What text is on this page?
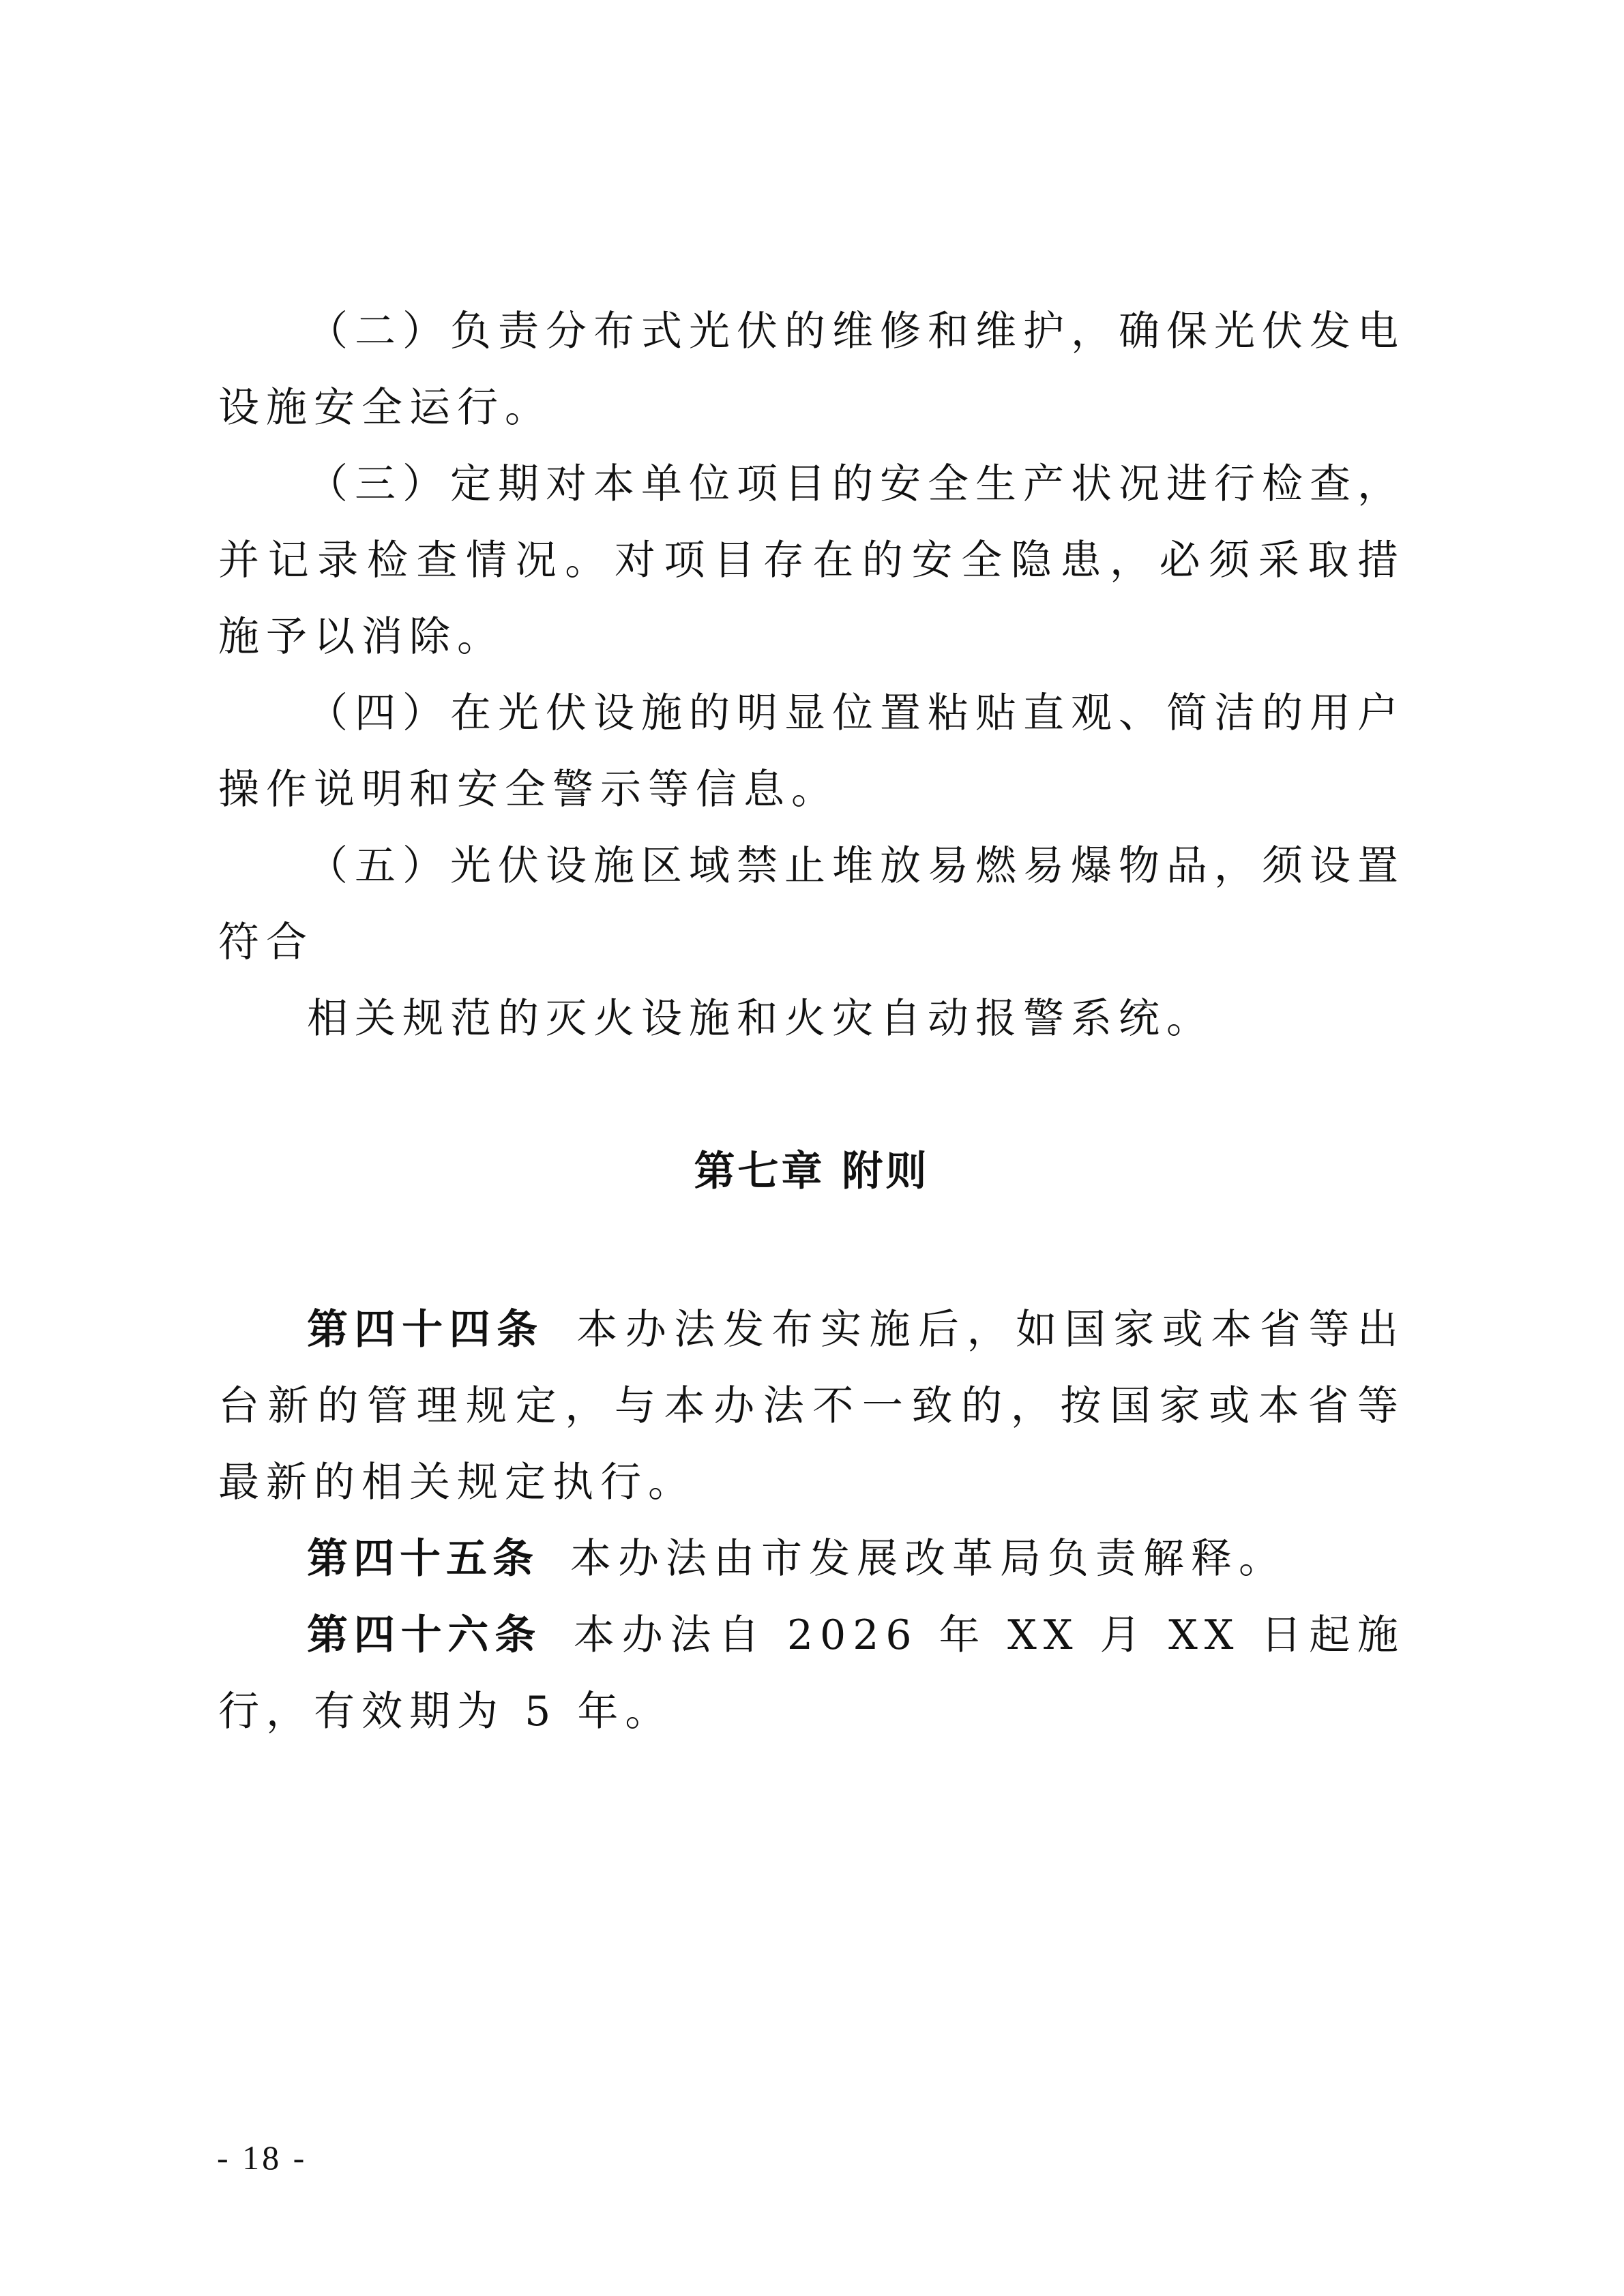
（二）负责分布式光伏的维修和维护，确保光伏发电设施安全运行。

（三）定期对本单位项目的安全生产状况进行检查，并记录检查情况。对项目存在的安全隐患，必须采取措施予以消除。

（四）在光伏设施的明显位置粘贴直观、简洁的用户操作说明和安全警示等信息。

（五）光伏设施区域禁止堆放易燃易爆物品，须设置符合

相关规范的灭火设施和火灾自动报警系统。

第七章 附则

第四十四条 本办法发布实施后，如国家或本省等出台新的管理规定，与本办法不一致的，按国家或本省等最新的相关规定执行。

第四十五条 本办法由市发展改革局负责解释。

第四十六条 本办法自 2026 年 XX 月 XX 日起施行，有效期为 5 年。

- 18 -
